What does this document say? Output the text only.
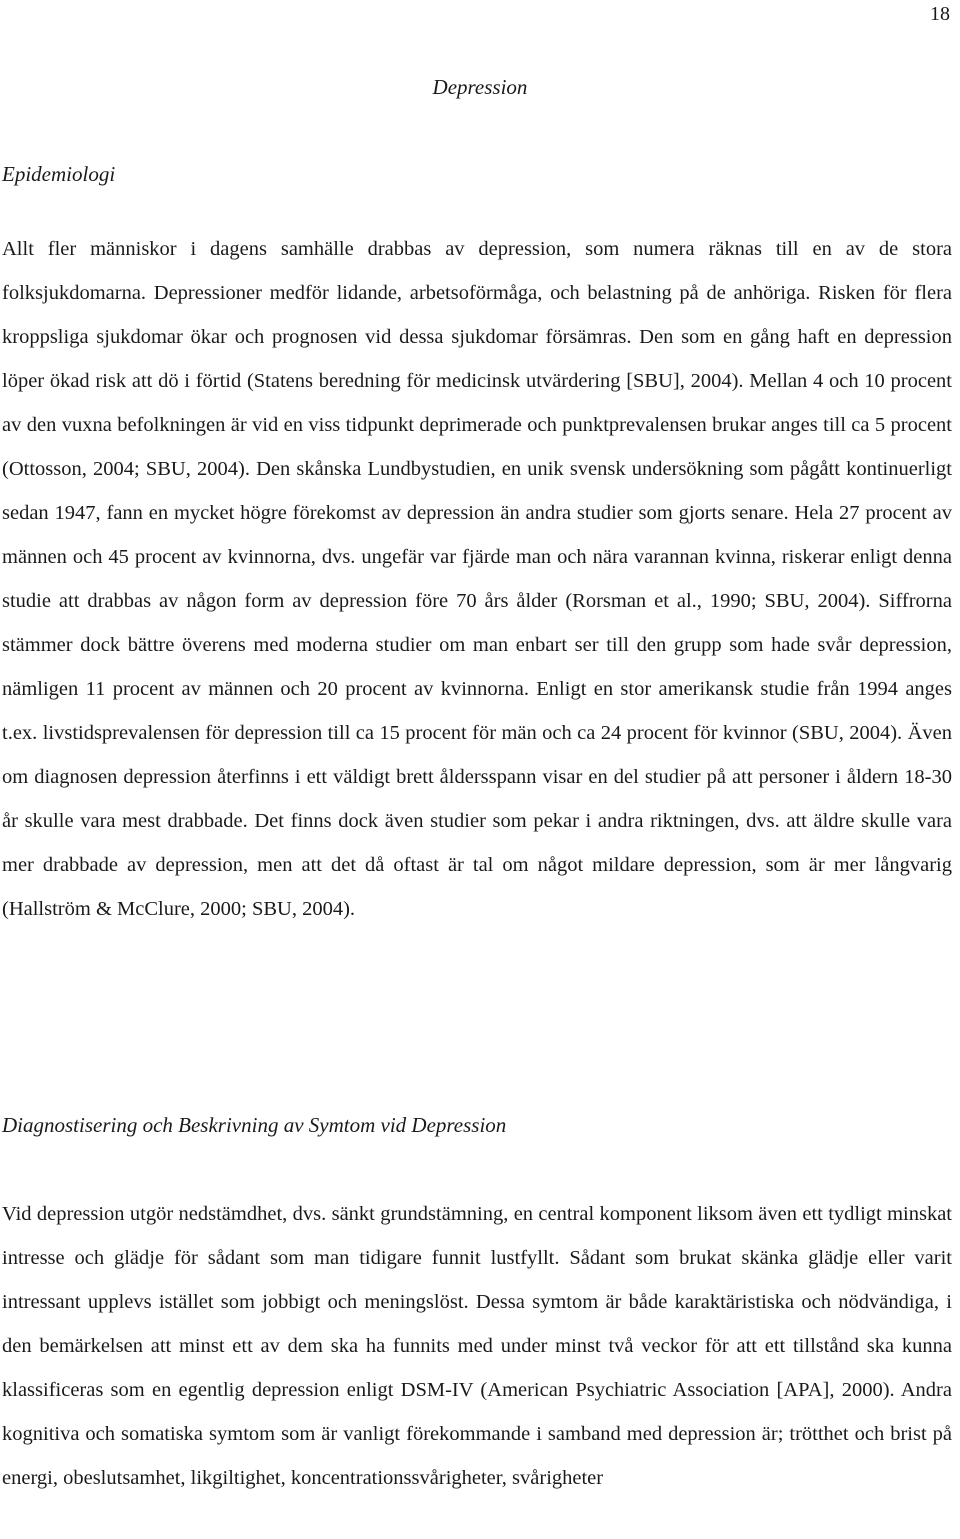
18
Depression
Epidemiologi

Allt fler människor i dagens samhälle drabbas av depression, som numera räknas till en av de stora folksjukdomarna. Depressioner medför lidande, arbetsoförmåga, och belastning på de anhöriga. Risken för flera kroppsliga sjukdomar ökar och prognosen vid dessa sjukdomar försämras. Den som en gång haft en depression löper ökad risk att dö i förtid (Statens beredning för medicinsk utvärdering [SBU], 2004). Mellan 4 och 10 procent av den vuxna befolkningen är vid en viss tidpunkt deprimerade och punktprevalensen brukar anges till ca 5 procent (Ottosson, 2004; SBU, 2004). Den skånska Lundbystudien, en unik svensk undersökning som pågått kontinuerligt sedan 1947, fann en mycket högre förekomst av depression än andra studier som gjorts senare. Hela 27 procent av männen och 45 procent av kvinnorna, dvs. ungefär var fjärde man och nära varannan kvinna, riskerar enligt denna studie att drabbas av någon form av depression före 70 års ålder (Rorsman et al., 1990; SBU, 2004). Siffrorna stämmer dock bättre överens med moderna studier om man enbart ser till den grupp som hade svår depression, nämligen 11 procent av männen och 20 procent av kvinnorna. Enligt en stor amerikansk studie från 1994 anges t.ex. livstidsprevalensen för depression till ca 15 procent för män och ca 24 procent för kvinnor (SBU, 2004). Även om diagnosen depression återfinns i ett väldigt brett åldersspann visar en del studier på att personer i åldern 18-30 år skulle vara mest drabbade. Det finns dock även studier som pekar i andra riktningen, dvs. att äldre skulle vara mer drabbade av depression, men att det då oftast är tal om något mildare depression, som är mer långvarig (Hallström & McClure, 2000; SBU, 2004).

Diagnostisering och Beskrivning av Symtom vid Depression

Vid depression utgör nedstämdhet, dvs. sänkt grundstämning, en central komponent liksom även ett tydligt minskat intresse och glädje för sådant som man tidigare funnit lustfyllt. Sådant som brukat skänka glädje eller varit intressant upplevs istället som jobbigt och meningslöst. Dessa symtom är både karaktäristiska och nödvändiga, i den bemärkelsen att minst ett av dem ska ha funnits med under minst två veckor för att ett tillstånd ska kunna klassificeras som en egentlig depression enligt DSM-IV (American Psychiatric Association [APA], 2000). Andra kognitiva och somatiska symtom som är vanligt förekommande i samband med depression är; trötthet och brist på energi, obeslutsamhet, likgiltighet, koncentrationssvårigheter, svårigheter
